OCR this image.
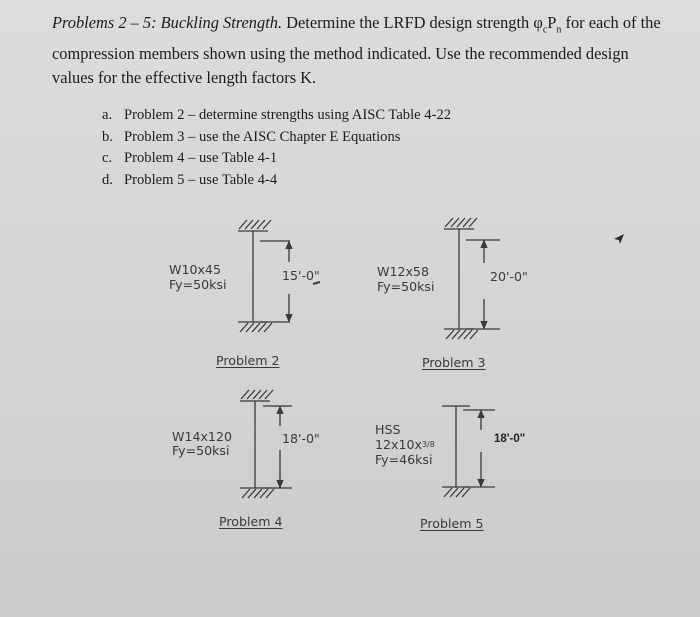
Problems 2 – 5: Buckling Strength. Determine the LRFD design strength $\varphi_cP_n$ for each of the compression members shown using the method indicated. Use the recommended design values for the effective length factors K.
a. Problem 2 – determine strengths using AISC Table 4-22
b. Problem 3 – use the AISC Chapter E Equations
c. Problem 4 – use Table 4-1
d. Problem 5 – use Table 4-4
W10x45
Fy=50ksi
15'-0"
Problem 2
W12x58
Fy=50ksi
20'-0"
Problem 3
W14x120
Fy=50ksi
18'-0"
Problem 4
HSS
12x10x3/8
Fy=46ksi
18'-0"
Problem 5
